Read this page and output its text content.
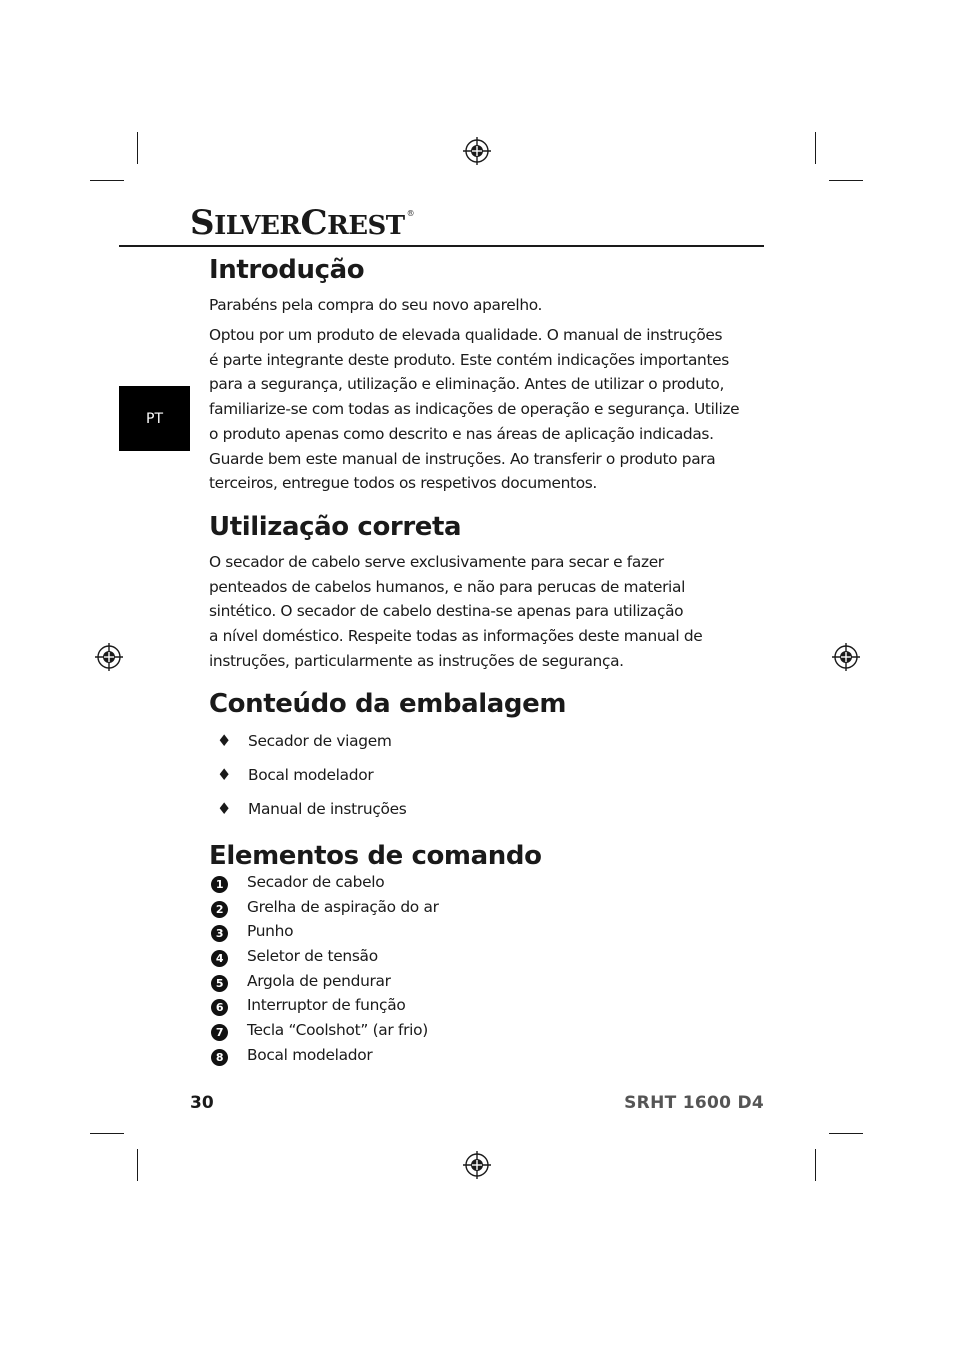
SILVERCREST ®
PT
Introdução
Parabéns pela compra do seu novo aparelho.
Optou por um produto de elevada qualidade. O manual de instruções
é parte integrante deste produto. Este contém indicações importantes
para a segurança, utilização e eliminação. Antes de utilizar o produto,
familiarize-se com todas as indicações de operação e segurança. Utilize
o produto apenas como descrito e nas áreas de aplicação indicadas.
Guarde bem este manual de instruções. Ao transferir o produto para
terceiros, entregue todos os respetivos documentos.
Utilização correta
O secador de cabelo serve exclusivamente para secar e fazer
penteados de cabelos humanos, e não para perucas de material
sintético. O secador de cabelo destina-se apenas para utilização
a nível doméstico. Respeite todas as informações deste manual de
instruções, particularmente as instruções de segurança.
Conteúdo da embalagem
♦ Secador de viagem
♦ Bocal modelador
♦ Manual de instruções
Elementos de comando
1	Secador de cabelo
2	Grelha de aspiração do ar
3	Punho
4	Seletor de tensão
5	Argola de pendurar
6	Interruptor de função
7	Tecla “Coolshot” (ar frio)
8	Bocal modelador
30	SRHT 1600 D4
